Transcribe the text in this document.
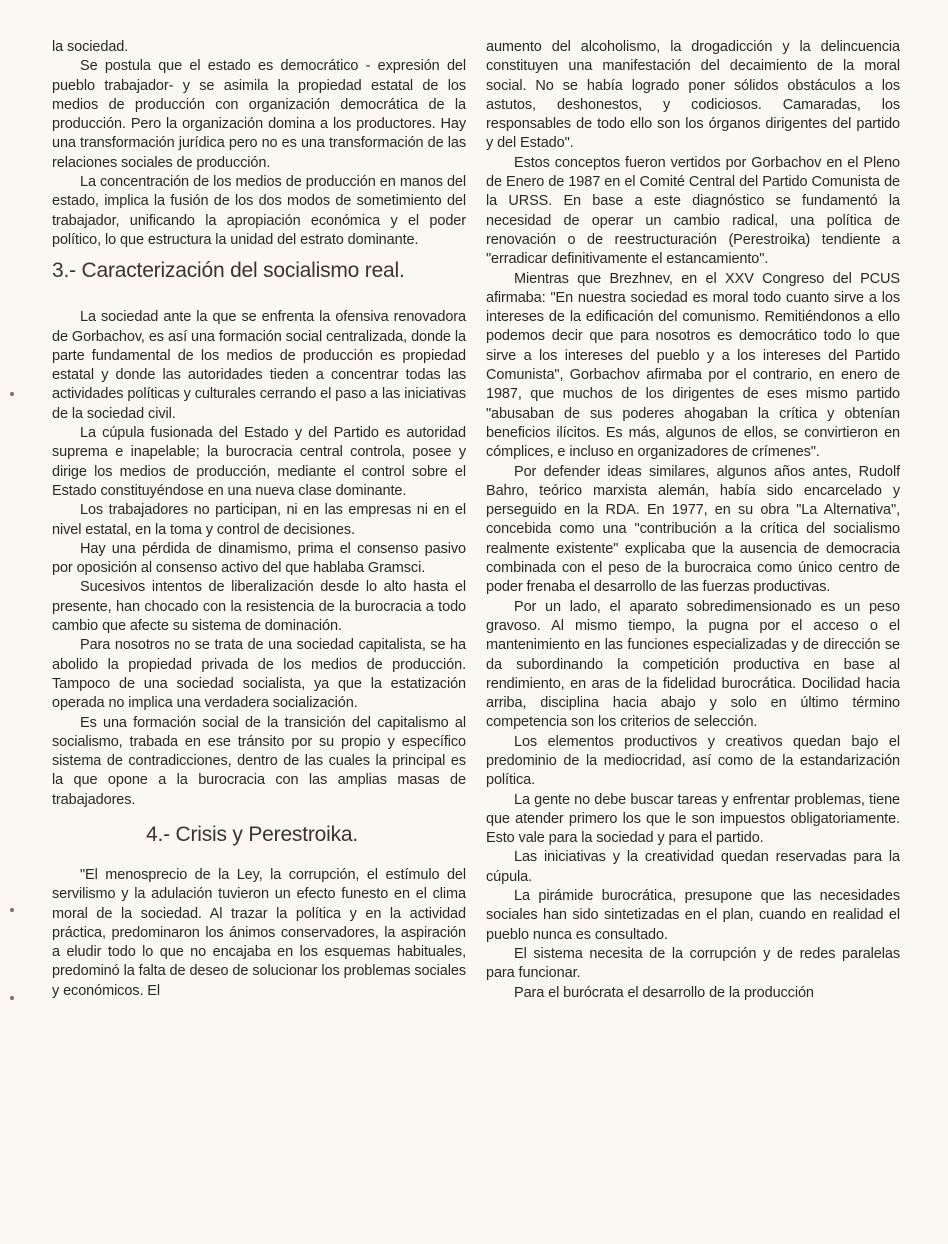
la sociedad.

Se postula que el estado es democrático - expresión del pueblo trabajador- y se asimila la propiedad estatal de los medios de producción con organización democrática de la producción. Pero la organización domina a los productores. Hay una transformación jurídica pero no es una transformación de las relaciones sociales de producción.

La concentración de los medios de producción en manos del estado, implica la fusión de los dos modos de sometimiento del trabajador, unificando la apropiación económica y el poder político, lo que estructura la unidad del estrato dominante.

3.- Caracterización del socialismo real.

La sociedad ante la que se enfrenta la ofensiva renovadora de Gorbachov, es así una formación social centralizada, donde la parte fundamental de los medios de producción es propiedad estatal y donde las autoridades tieden a concentrar todas las actividades políticas y culturales cerrando el paso a las iniciativas de la sociedad civil.

La cúpula fusionada del Estado y del Partido es autoridad suprema e inapelable; la burocracia central controla, posee y dirige los medios de producción, mediante el control sobre el Estado constituyéndose en una nueva clase dominante.

Los trabajadores no participan, ni en las empresas ni en el nivel estatal, en la toma y control de decisiones.

Hay una pérdida de dinamismo, prima el consenso pasivo por oposición al consenso activo del que hablaba Gramsci.

Sucesivos intentos de liberalización desde lo alto hasta el presente, han chocado con la resistencia de la burocracia a todo cambio que afecte su sistema de dominación.

Para nosotros no se trata de una sociedad capitalista, se ha abolido la propiedad privada de los medios de producción. Tampoco de una sociedad socialista, ya que la estatización operada no implica una verdadera socialización.

Es una formación social de la transición del capitalismo al socialismo, trabada en ese tránsito por su propio y específico sistema de contradicciones, dentro de las cuales la principal es la que opone a la burocracia con las amplias masas de trabajadores.

4.- Crisis y Perestroika.

"El menosprecio de la Ley, la corrupción, el estímulo del servilismo y la adulación tuvieron un efecto funesto en el clima moral de la sociedad. Al trazar la política y en la actividad práctica, predominaron los ánimos conservadores, la aspiración a eludir todo lo que no encajaba en los esquemas habituales, predominó la falta de deseo de solucionar los problemas sociales y económicos. El

aumento del alcoholismo, la drogadicción y la delincuencia constituyen una manifestación del decaimiento de la moral social. No se había logrado poner sólidos obstáculos a los astutos, deshonestos, y codiciosos. Camaradas, los responsables de todo ello son los órganos dirigentes del partido y del Estado".

Estos conceptos fueron vertidos por Gorbachov en el Pleno de Enero de 1987 en el Comité Central del Partido Comunista de la URSS. En base a este diagnóstico se fundamentó la necesidad de operar un cambio radical, una política de renovación o de reestructuración (Perestroika) tendiente a "erradicar definitivamente el estancamiento".

Mientras que Brezhnev, en el XXV Congreso del PCUS afirmaba: "En nuestra sociedad es moral todo cuanto sirve a los intereses de la edificación del comunismo. Remitiéndonos a ello podemos decir que para nosotros es democrático todo lo que sirve a los intereses del pueblo y a los intereses del Partido Comunista", Gorbachov afirmaba por el contrario, en enero de 1987, que muchos de los dirigentes de eses mismo partido "abusaban de sus poderes ahogaban la crítica y obtenían beneficios ilícitos. Es más, algunos de ellos, se convirtieron en cómplices, e incluso en organizadores de crímenes".

Por defender ideas similares, algunos años antes, Rudolf Bahro, teórico marxista alemán, había sido encarcelado y perseguido en la RDA. En 1977, en su obra "La Alternativa", concebida como una "contribución a la crítica del socialismo realmente existente" explicaba que la ausencia de democracia combinada con el peso de la burocraica como único centro de poder frenaba el desarrollo de las fuerzas productivas.

Por un lado, el aparato sobredimensionado es un peso gravoso. Al mismo tiempo, la pugna por el acceso o el mantenimiento en las funciones especializadas y de dirección se da subordinando la competición productiva en base al rendimiento, en aras de la fidelidad burocrática. Docilidad hacia arriba, disciplina hacia abajo y solo en último término competencia son los criterios de selección.

Los elementos productivos y creativos quedan bajo el predominio de la mediocridad, así como de la estandarización política.

La gente no debe buscar tareas y enfrentar problemas, tiene que atender primero los que le son impuestos obligatoriamente. Esto vale para la sociedad y para el partido.

Las iniciativas y la creatividad quedan reservadas para la cúpula.

La pirámide burocrática, presupone que las necesidades sociales han sido sintetizadas en el plan, cuando en realidad el pueblo nunca es consultado.

El sistema necesita de la corrupción y de redes paralelas para funcionar.

Para el burócrata el desarrollo de la producción
